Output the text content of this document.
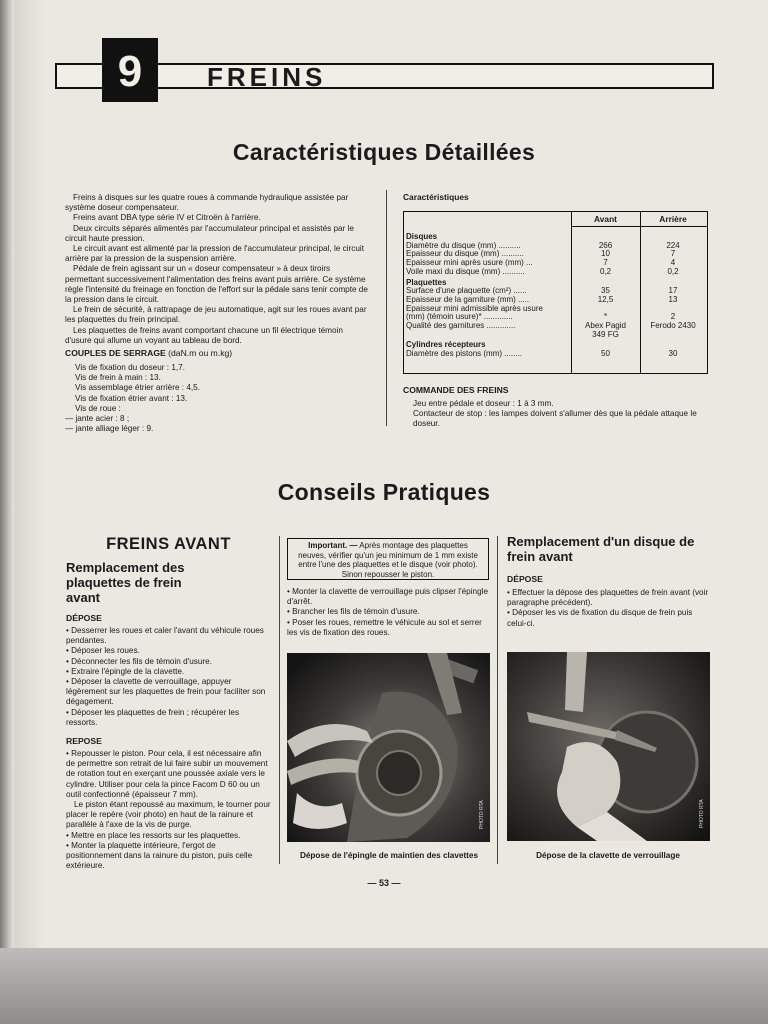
9	FREINS
Caractéristiques Détaillées

Freins à disques sur les quatre roues à commande hydraulique assistée par système doseur compensateur.

Freins avant DBA type série IV et Citroën à l'arrière.

Deux circuits séparés alimentés par l'accumulateur principal et assistés par le circuit haute pression.

Le circuit avant est alimenté par la pression de l'accumulateur principal, le circuit arrière par la pression de la suspension arrière.

Pédale de frein agissant sur un « doseur compensateur » à deux tiroirs permettant successivement l'alimentation des freins avant puis arrière. Ce système règle l'intensité du freinage en fonction de l'effort sur la pédale sans tenir compte de la pression dans le circuit.

Le frein de sécurité, à rattrapage de jeu automatique, agit sur les roues avant par les plaquettes du frein principal.

Les plaquettes de freins avant comportant chacune un fil électrique témoin d'usure qui allume un voyant au tableau de bord.

COUPLES DE SERRAGE (daN.m ou m.kg)
Vis de fixation du doseur : 1,7.
Vis de frein à main : 13.
Vis assemblage étrier arrière : 4,5.
Vis de fixation étrier avant : 13.
Vis de roue :
— jante acier : 8 ;
— jante alliage léger : 9.
Caractéristiques
Avant	Arrière
Disques
Diamètre du disque (mm) ..........	266	224
Epaisseur du disque (mm) ..........	10	7
Epaisseur mini après usure (mm) ...	7	4
Voile maxi du disque (mm) ..........	0,2	0,2
Plaquettes
Surface d'une plaquette (cm²) ......	35	17
Epaisseur de la garniture (mm) .....	12,5	13
Epaisseur mini admissible après usure
(mm) (témoin usure)* .............	*	2
Qualité des garnitures .............	Abex Pagid	Ferodo 2430
349 FG
Cylindres récepteurs
Diamètre des pistons (mm) ........	50	30
COMMANDE DES FREINS
Jeu entre pédale et doseur : 1 à 3 mm.
Contacteur de stop : les lampes doivent s'allumer dès que la pédale attaque le doseur.
Conseils Pratiques
FREINS AVANT
Remplacement des plaquettes de frein avant
DÉPOSE
• Desserrer les roues et caler l'avant du véhicule roues pendantes.
• Déposer les roues.
• Déconnecter les fils de témoin d'usure.
• Extraire l'épingle de la clavette.
• Déposer la clavette de verrouillage, appuyer légèrement sur les plaquettes de frein pour faciliter son dégagement.
• Déposer les plaquettes de frein ; récupérer les ressorts.
REPOSE
• Repousser le piston. Pour cela, il est nécessaire afin de permettre son retrait de lui faire subir un mouvement de rotation tout en exerçant une poussée axiale vers le cylindre. Utiliser pour cela la pince Facom D 60 ou un outil confectionné (épaisseur 7 mm).
Le piston étant repoussé au maximum, le tourner pour placer le repère (voir photo) en haut de la rainure et parallèle à l'axe de la vis de purge.
• Mettre en place les ressorts sur les plaquettes.
• Monter la plaquette intérieure, l'ergot de positionnement dans la rainure du piston, puis celle extérieure.
Important. — Après montage des plaquettes neuves, vérifier qu'un jeu minimum de 1 mm existe entre l'une des plaquettes et le disque (voir photo). Sinon repousser le piston.
• Monter la clavette de verrouillage puis clipser l'épingle d'arrêt.
• Brancher les fils de témoin d'usure.
• Poser les roues, remettre le véhicule au sol et serrer les vis de fixation des roues.
PHOTO RTA
Dépose de l'épingle de maintien des clavettes
Remplacement d'un disque de frein avant
DÉPOSE
• Effectuer la dépose des plaquettes de frein avant (voir paragraphe précédent).
• Déposer les vis de fixation du disque de frein puis celui-ci.
PHOTO RTA
Dépose de la clavette de verrouillage
— 53 —
